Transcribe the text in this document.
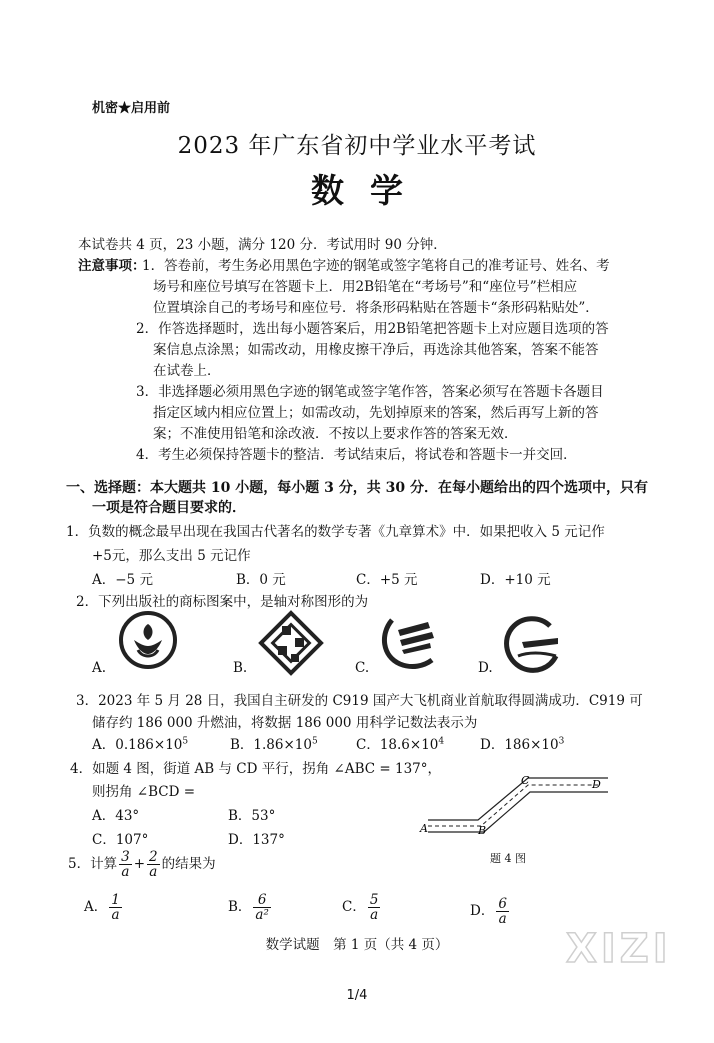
机密★启用前
2023 年广东省初中学业水平考试
数学
本试卷共 4 页，23 小题，满分 120 分．考试用时 90 分钟．
注意事项：
1．答卷前，考生务必用黑色字迹的钢笔或签字笔将自己的准考证号、姓名、考
场号和座位号填写在答题卡上．用2B铅笔在“考场号”和“座位号”栏相应
位置填涂自己的考场号和座位号．将条形码粘贴在答题卡“条形码粘贴处”．
2．作答选择题时，选出每小题答案后，用2B铅笔把答题卡上对应题目选项的答
案信息点涂黑；如需改动，用橡皮擦干净后，再选涂其他答案，答案不能答
在试卷上．
3．非选择题必须用黑色字迹的钢笔或签字笔作答，答案必须写在答题卡各题目
指定区域内相应位置上；如需改动，先划掉原来的答案，然后再写上新的答
案；不准使用铅笔和涂改液．不按以上要求作答的答案无效．
4．考生必须保持答题卡的整洁．考试结束后，将试卷和答题卡一并交回．
一、选择题：本大题共 10 小题，每小题 3 分，共 30 分．在每小题给出的四个选项中，只有
一项是符合题目要求的．
1．负数的概念最早出现在我国古代著名的数学专著《九章算术》中．如果把收入 5 元记作
+5元，那么支出 5 元记作
A．−5 元	B．0 元	C．+5 元	D．+10 元
2．下列出版社的商标图案中，是轴对称图形的为
A.	B.	C.	D.
3．2023 年 5 月 28 日，我国自主研发的 C919 国产大飞机商业首航取得圆满成功．C919 可
储存约 186 000 升燃油，将数据 186 000 用科学记数法表示为
A．$0.186\times 10^5$	B．$1.86\times 10^5$	C．$18.6\times 10^4$	D．$186\times 10^3$
4．如题 4 图，街道 AB 与 CD 平行，拐角 ∠ABC = 137°，
则拐角 ∠BCD =
A．43°	B．53°
C．107°	D．137°
A	B
C	D
题 4 图
5．计算 $\frac{3}{a} + \frac{2}{a}$ 的结果为
A． $\frac{1}{a}$	B． $\frac{6}{\text{a²}}$	C． $\frac{5}{a}$	D． $\frac{6}{a}$
数学试题　第 1 页（共 4 页）	XIZI
1/4
